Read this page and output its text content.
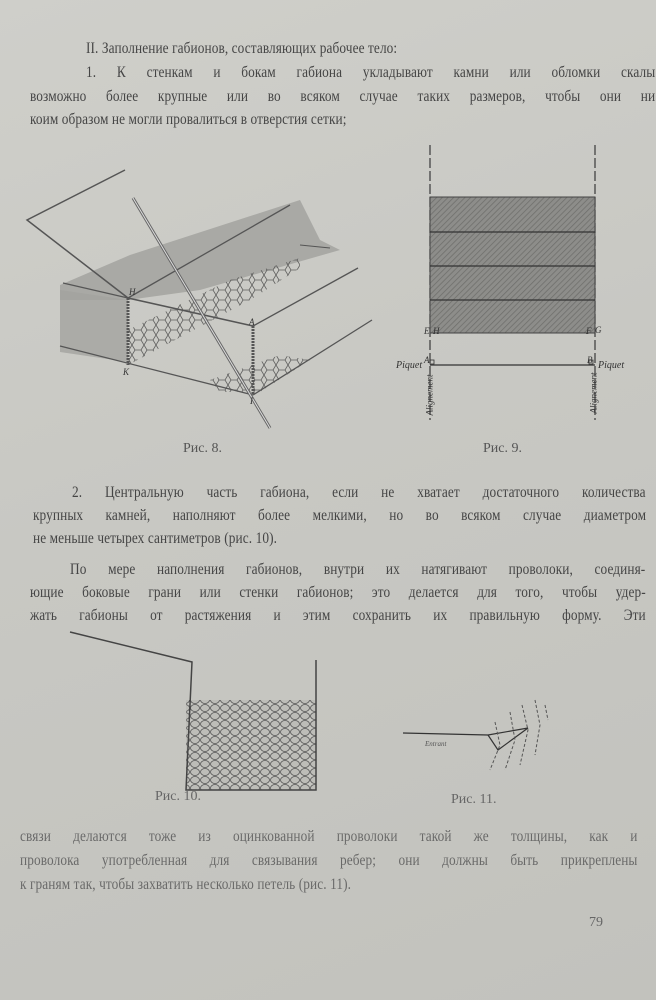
II. Заполнение габионов, составляющих рабочее тело:
1. К стенкам и бокам габиона укладывают камни или обломки скалы
возможно более крупные или во всяком случае таких размеров, чтобы они ни
коим образом не могли провалиться в отверстия сетки;
2. Центральную часть габиона, если не хватает достаточного количества
крупных камней, наполняют более мелкими, но во всяком случае диаметром
не меньше четырех сантиметров (рис. 10).
По мере наполнения габионов, внутри их натягивают проволоки, соединя-
ющие боковые грани или стенки габионов; это делается для того, чтобы удер-
жать габионы от растяжения и этим сохранить их правильную форму. Эти
связи делаются тоже из оцинкованной проволоки такой же толщины, как и
проволока употребленная для связывания ребер; они должны быть прикреплены
к граням так, чтобы захватить несколько петель (рис. 11).
79
H
A
K
I
Рис. 8.
E H	F G
A	B
Piquet	Piquet
Alignement	Alignement
Рис. 9.
Рис. 10.
Entrant
Рис. 11.
